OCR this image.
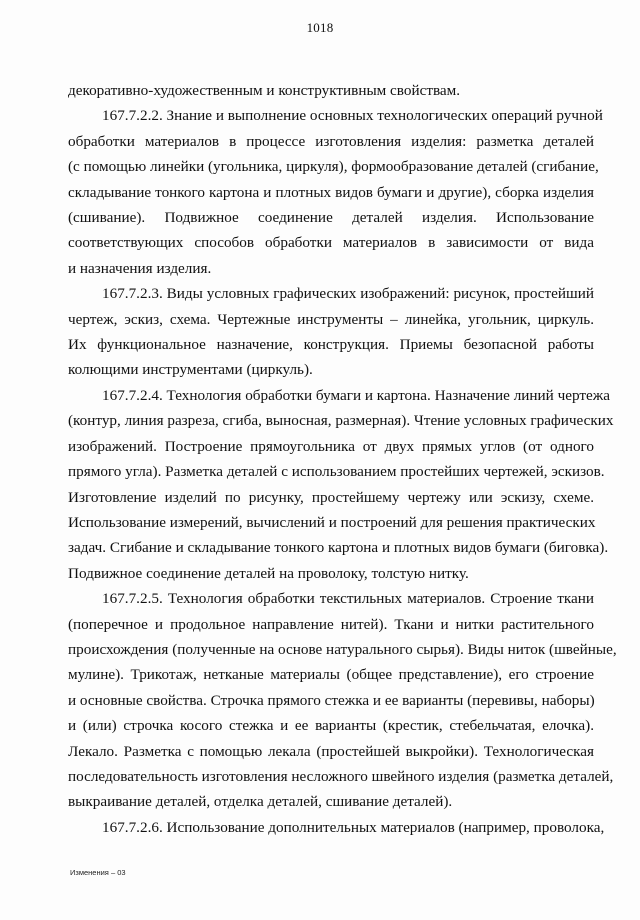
1018
декоративно-художественным и конструктивным свойствам.
167.7.2.2. Знание и выполнение основных технологических операций ручной
обработки материалов в процессе изготовления изделия: разметка деталей
(с помощью линейки (угольника, циркуля), формообразование деталей (сгибание,
складывание тонкого картона и плотных видов бумаги и другие), сборка изделия
(сшивание). Подвижное соединение деталей изделия. Использование
соответствующих способов обработки материалов в зависимости от вида
и назначения изделия.
167.7.2.3. Виды условных графических изображений: рисунок, простейший
чертеж, эскиз, схема. Чертежные инструменты – линейка, угольник, циркуль.
Их функциональное назначение, конструкция. Приемы безопасной работы
колющими инструментами (циркуль).
167.7.2.4. Технология обработки бумаги и картона. Назначение линий чертежа
(контур, линия разреза, сгиба, выносная, размерная). Чтение условных графических
изображений. Построение прямоугольника от двух прямых углов (от одного
прямого угла). Разметка деталей с использованием простейших чертежей, эскизов.
Изготовление изделий по рисунку, простейшему чертежу или эскизу, схеме.
Использование измерений, вычислений и построений для решения практических
задач. Сгибание и складывание тонкого картона и плотных видов бумаги (биговка).
Подвижное соединение деталей на проволоку, толстую нитку.
167.7.2.5. Технология обработки текстильных материалов. Строение ткани
(поперечное и продольное направление нитей). Ткани и нитки растительного
происхождения (полученные на основе натурального сырья). Виды ниток (швейные,
мулине). Трикотаж, нетканые материалы (общее представление), его строение
и основные свойства. Строчка прямого стежка и ее варианты (перевивы, наборы)
и (или) строчка косого стежка и ее варианты (крестик, стебельчатая, елочка).
Лекало. Разметка с помощью лекала (простейшей выкройки). Технологическая
последовательность изготовления несложного швейного изделия (разметка деталей,
выкраивание деталей, отделка деталей, сшивание деталей).
167.7.2.6. Использование дополнительных материалов (например, проволока,
Изменения – 03
